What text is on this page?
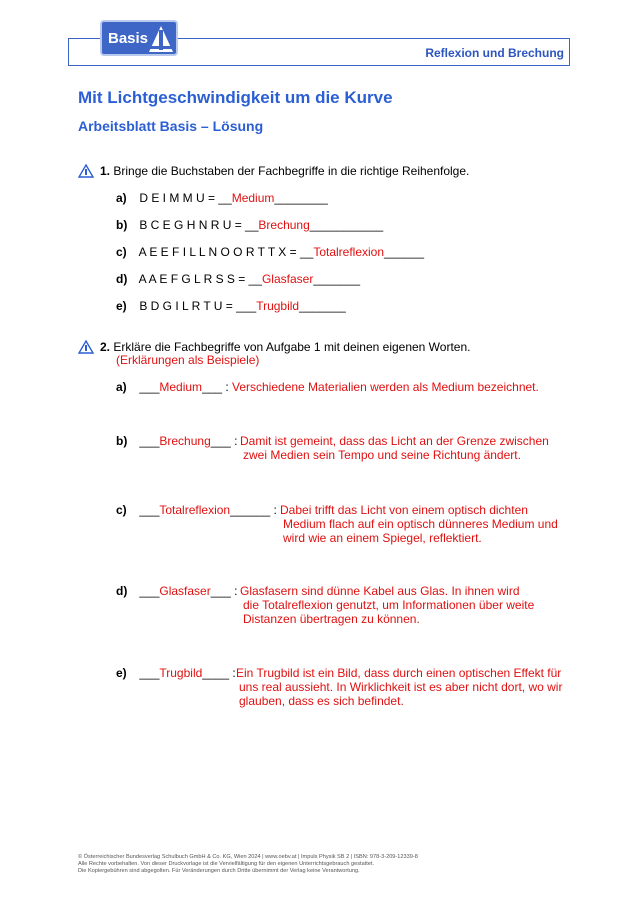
Basis
Reflexion und Brechung
Mit Lichtgeschwindigkeit um die Kurve
Arbeitsblatt Basis – Lösung
1. Bringe die Buchstaben der Fachbegriffe in die richtige Reihenfolge.
a) D E I M M U = __Medium________
b) B C E G H N R U = __Brechung___________
c) A E E F I L L N O O R T T X = __Totalreflexion______
d) A A E F G L R S S = __Glasfaser_______
e) B D G I L R T U = ___Trugbild_______
2. Erkläre die Fachbegriffe von Aufgabe 1 mit deinen eigenen Worten.
(Erklärungen als Beispiele)
a) ___Medium___ : Verschiedene Materialien werden als Medium bezeichnet.
b) ___Brechung___ : Damit ist gemeint, dass das Licht an der Grenze zwischen
zwei Medien sein Tempo und seine Richtung ändert.
c) ___Totalreflexion______ : Dabei trifft das Licht von einem optisch dichten
Medium flach auf ein optisch dünneres Medium und
wird wie an einem Spiegel, reflektiert.
d) ___Glasfaser___ : Glasfasern sind dünne Kabel aus Glas. In ihnen wird
die Totalreflexion genutzt, um Informationen über weite
Distanzen übertragen zu können.
e) ___Trugbild____ : Ein Trugbild ist ein Bild, dass durch einen optischen Effekt für
uns real aussieht. In Wirklichkeit ist es aber nicht dort, wo wir
glauben, dass es sich befindet.
© Österreichischer Bundesverlag Schulbuch GmbH & Co. KG, Wien 2024 | www.oebv.at | Impuls Physik SB 2 | ISBN: 978-3-209-12339-8
Alle Rechte vorbehalten. Von dieser Druckvorlage ist die Vervielfältigung für den eigenen Unterrichtsgebrauch gestattet.
Die Kopiergebühren sind abgegolten. Für Veränderungen durch Dritte übernimmt der Verlag keine Verantwortung.
